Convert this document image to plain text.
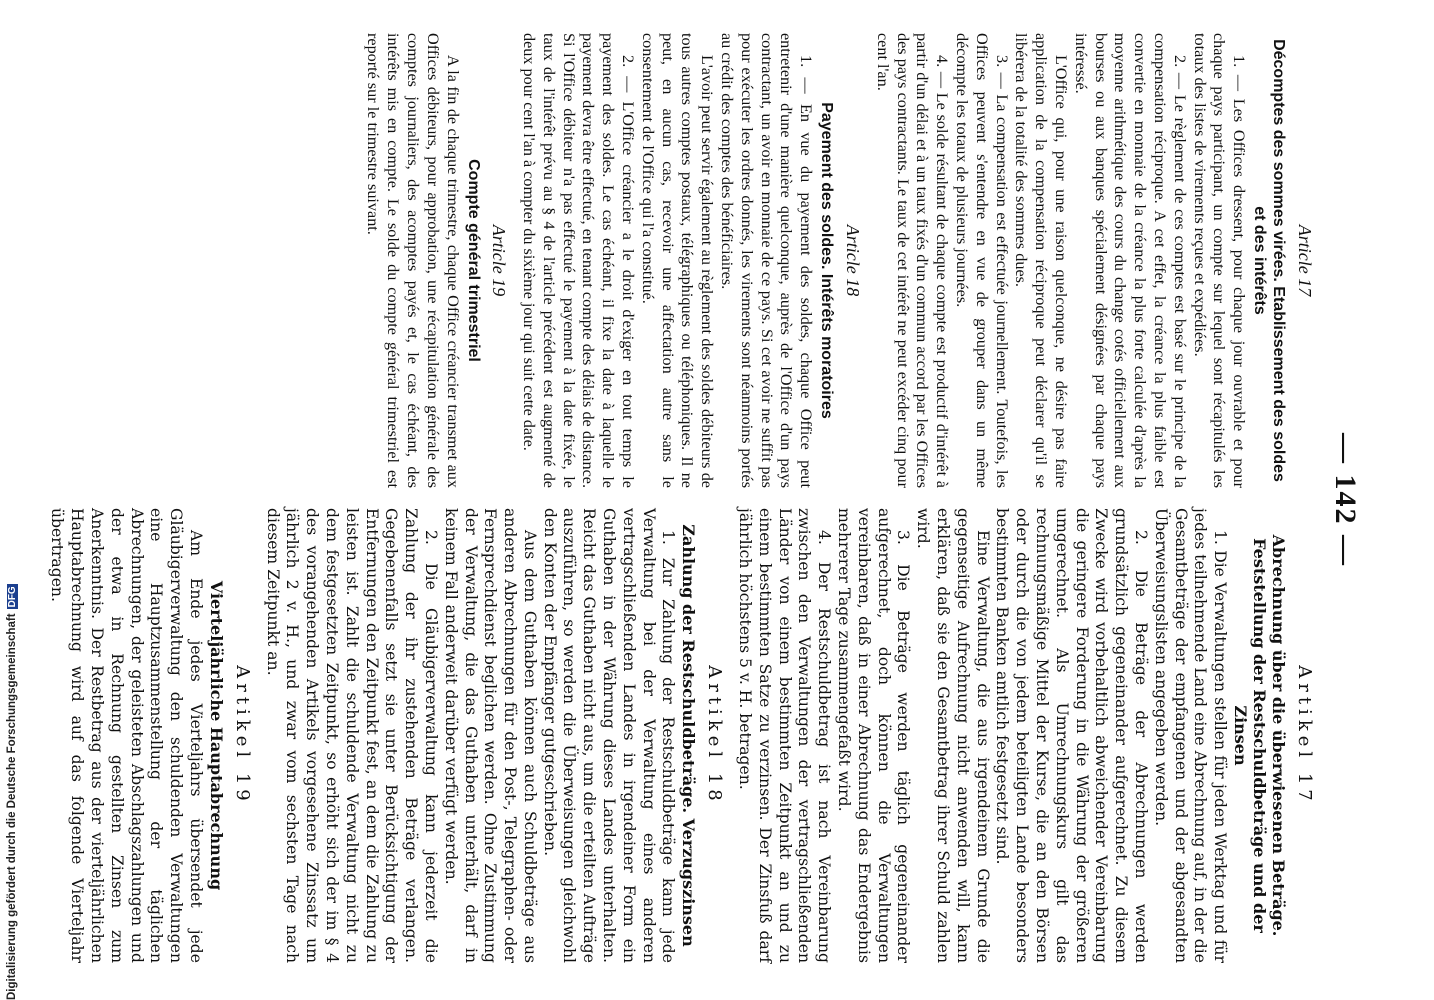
— 142 —
Article 17
Décomptes des sommes virées. Etablissement des soldes et des intérêts

1. — Les Offices dressent, pour chaque jour ouvrable et pour chaque pays participant, un compte sur lequel sont récapitulés les totaux des listes de virements reçues et expédiées.

2. — Le règlement de ces comptes est basé sur le principe de la compensation réciproque. A cet effet, la créance la plus faible est convertie en monnaie de la créance la plus forte calculée d'après la moyenne arithmétique des cours du change cotés officiellement aux bourses ou aux banques spécialement désignées par chaque pays intéressé.

L'Office qui, pour une raison quelconque, ne désire pas faire application de la compensation réciproque peut déclarer qu'il se libérera de la totalité des sommes dues.

3. — La compensation est effectuée journellement. Toutefois, les Offices peuvent s'entendre en vue de grouper dans un même décompte les totaux de plusieurs journées.

4. — Le solde résultant de chaque compte est productif d'intérêt à partir d'un délai et à un taux fixés d'un commun accord par les Offices des pays contractants. Le taux de cet intérêt ne peut excéder cinq pour cent l'an.

Article 18
Payement des soldes. Intérêts moratoires

1. — En vue du payement des soldes, chaque Office peut entretenir d'une manière quelconque, auprès de l'Office d'un pays contractant, un avoir en monnaie de ce pays. Si cet avoir ne suffit pas pour exécuter les ordres donnés, les virements sont néanmoins portés au crédit des comptes des bénéficiaires.

L'avoir peut servir également au règlement des soldes débiteurs de tous autres comptes postaux, télégraphiques ou téléphoniques. Il ne peut, en aucun cas, recevoir une affectation autre sans le consentement de l'Office qui l'a constitué.

2. — L'Office créancier a le droit d'exiger en tout temps le payement des soldes. Le cas échéant, il fixe la date à laquelle le payement devra être effectué, en tenant compte des délais de distance. Si l'Office débiteur n'a pas effectué le payement à la date fixée, le taux de l'intérêt prévu au § 4 de l'article précédent est augmenté de deux pour cent l'an à compter du sixième jour qui suit cette date.

Article 19
Compte général trimestriel

A la fin de chaque trimestre, chaque Office créancier transmet aux Offices débiteurs, pour approbation, une récapitulation générale des comptes journaliers, des acomptes payés et, le cas échéant, des intérêts mis en compte. Le solde du compte général trimestriel est reporté sur le trimestre suivant.

Artikel 17
Abrechnung über die überwiesenen Beträge. Feststellung der Restschuldbeträge und der Zinsen

1. Die Verwaltungen stellen für jeden Werktag und für jedes teilnehmende Land eine Abrechnung auf, in der die Gesamtbeträge der empfangenen und der abgesandten Überweisungslisten angegeben werden.

2. Die Beträge der Abrechnungen werden grundsätzlich gegeneinander aufgerechnet. Zu diesem Zwecke wird vorbehaltlich abweichender Vereinbarung die geringere Forderung in die Währung der größeren umgerechnet. Als Umrechnungskurs gilt das rechnungsmäßige Mittel der Kurse, die an den Börsen oder durch die von jedem beteiligten Lande besonders bestimmten Banken amtlich festgesetzt sind.

Eine Verwaltung, die aus irgendeinem Grunde die gegenseitige Aufrechnung nicht anwenden will, kann erklären, daß sie den Gesamtbetrag ihrer Schuld zahlen wird.

3. Die Beträge werden täglich gegeneinander aufgerechnet, doch können die Verwaltungen vereinbaren, daß in einer Abrechnung das Endergebnis mehrerer Tage zusammengefaßt wird.

4. Der Restschuldbetrag ist nach Vereinbarung zwischen den Verwaltungen der vertragschließenden Länder von einem bestimmten Zeitpunkt an und zu einem bestimmten Satze zu verzinsen. Der Zinsfuß darf jährlich höchstens 5 v. H. betragen.

Artikel 18
Zahlung der Restschuldbeträge. Verzugszinsen

1. Zur Zahlung der Restschuldbeträge kann jede Verwaltung bei der Verwaltung eines anderen vertragschließenden Landes in irgendeiner Form ein Guthaben in der Währung dieses Landes unterhalten. Reicht das Guthaben nicht aus, um die erteilten Aufträge auszuführen, so werden die Überweisungen gleichwohl den Konten der Empfänger gutgeschrieben.

Aus dem Guthaben können auch Schuldbeträge aus anderen Abrechnungen für den Post-, Telegraphen- oder Fernsprechdienst beglichen werden. Ohne Zustimmung der Verwaltung, die das Guthaben unterhält, darf in keinem Fall anderweit darüber verfügt werden.

2. Die Gläubigerverwaltung kann jederzeit die Zahlung der ihr zustehenden Beträge verlangen. Gegebenenfalls setzt sie unter Berücksichtigung der Entfernungen den Zeitpunkt fest, an dem die Zahlung zu leisten ist. Zahlt die schuldende Verwaltung nicht zu dem festgesetzten Zeitpunkt, so erhöht sich der im § 4 des vorangehenden Artikels vorgesehene Zinssatz um jährlich 2 v. H., und zwar vom sechsten Tage nach diesem Zeitpunkt an.

Artikel 19
Vierteljährliche Hauptabrechnung

Am Ende jedes Vierteljahrs übersendet jede Gläubigerverwaltung den schuldenden Verwaltungen eine Hauptzusammenstellung der täglichen Abrechnungen, der geleisteten Abschlagszahlungen und der etwa in Rechnung gestellten Zinsen zum Anerkenntnis. Der Restbetrag aus der vierteljährlichen Hauptabrechnung wird auf das folgende Vierteljahr übertragen.

Digitalisierung gefördert durch die Deutsche ForschungsgemeinschaftDFG
